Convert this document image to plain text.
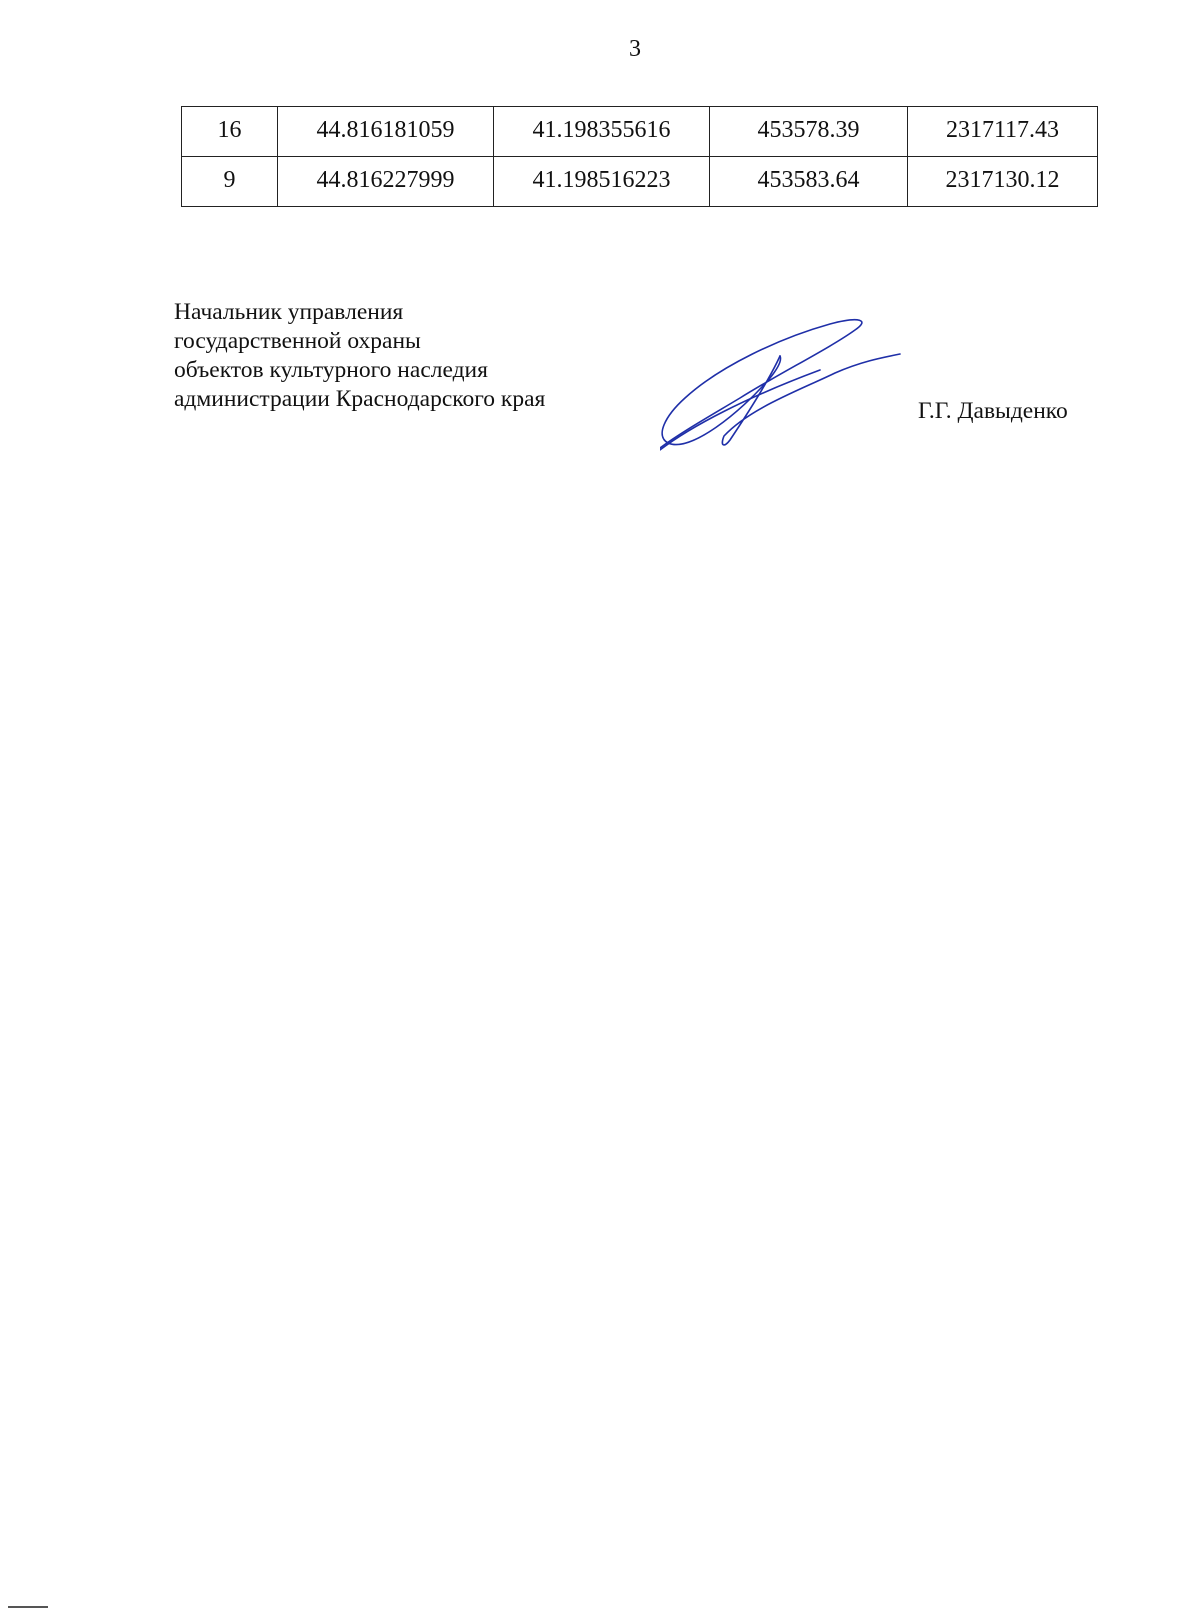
3
16	44.816181059	41.198355616	453578.39	2317117.43
9	44.816227999	41.198516223	453583.64	2317130.12
Начальник управления
государственной охраны
объектов культурного наследия
администрации Краснодарского края	Г.Г. Давыденко
